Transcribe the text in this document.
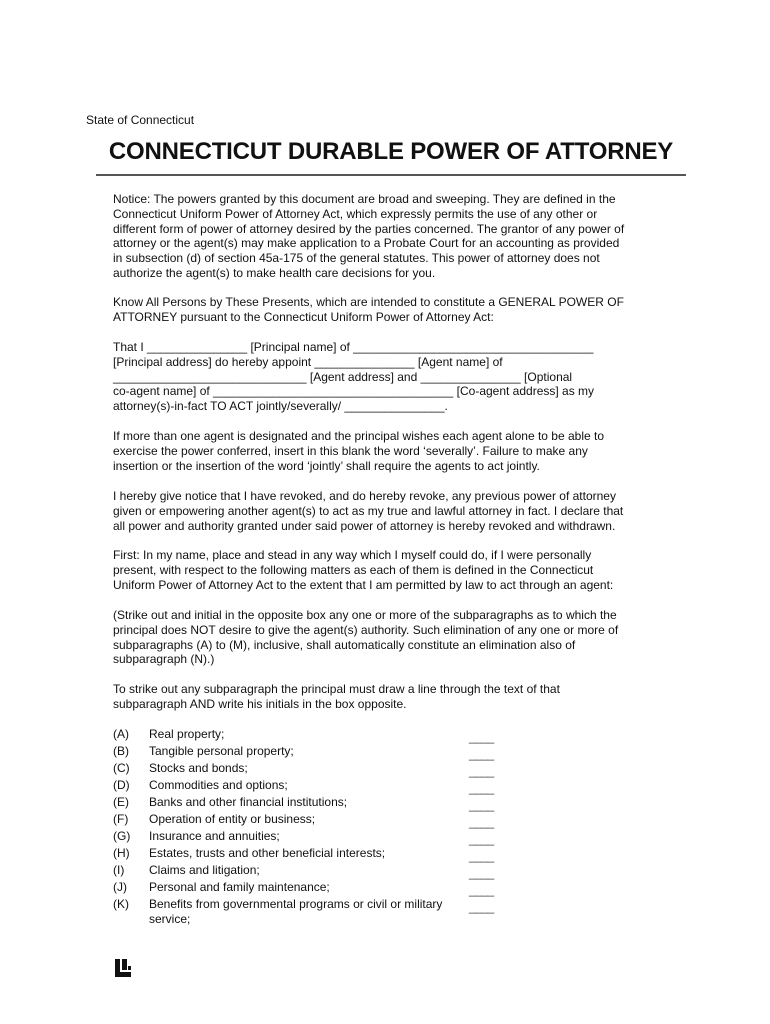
State of Connecticut
CONNECTICUT DURABLE POWER OF ATTORNEY
Notice: The powers granted by this document are broad and sweeping. They are defined in the
Connecticut Uniform Power of Attorney Act, which expressly permits the use of any other or
different form of power of attorney desired by the parties concerned. The grantor of any power of
attorney or the agent(s) may make application to a Probate Court for an accounting as provided
in subsection (d) of section 45a-175 of the general statutes. This power of attorney does not
authorize the agent(s) to make health care decisions for you.
Know All Persons by These Presents, which are intended to constitute a GENERAL POWER OF
ATTORNEY pursuant to the Connecticut Uniform Power of Attorney Act:
That I _______________ [Principal name] of ____________________________________
[Principal address] do hereby appoint _______________ [Agent name] of
_____________________________ [Agent address] and _______________ [Optional
co-agent name] of ____________________________________ [Co-agent address] as my
attorney(s)-in-fact TO ACT jointly/severally/ _______________.
If more than one agent is designated and the principal wishes each agent alone to be able to
exercise the power conferred, insert in this blank the word ‘severally’. Failure to make any
insertion or the insertion of the word ‘jointly’ shall require the agents to act jointly.
I hereby give notice that I have revoked, and do hereby revoke, any previous power of attorney
given or empowering another agent(s) to act as my true and lawful attorney in fact. I declare that
all power and authority granted under said power of attorney is hereby revoked and withdrawn.
First: In my name, place and stead in any way which I myself could do, if I were personally
present, with respect to the following matters as each of them is defined in the Connecticut
Uniform Power of Attorney Act to the extent that I am permitted by law to act through an agent:
(Strike out and initial in the opposite box any one or more of the subparagraphs as to which the
principal does NOT desire to give the agent(s) authority. Such elimination of any one or more of
subparagraphs (A) to (M), inclusive, shall automatically constitute an elimination also of
subparagraph (N).)
To strike out any subparagraph the principal must draw a line through the text of that
subparagraph AND write his initials in the box opposite.
(A) Real property;	____
(B) Tangible personal property;	____
(C) Stocks and bonds;	____
(D) Commodities and options;	____
(E) Banks and other financial institutions;	____
(F) Operation of entity or business;	____
(G) Insurance and annuities;	____
(H) Estates, trusts and other beneficial interests;	____
(I) Claims and litigation;	____
(J) Personal and family maintenance;	____
(K) Benefits from governmental programs or civil or military
service;
____
